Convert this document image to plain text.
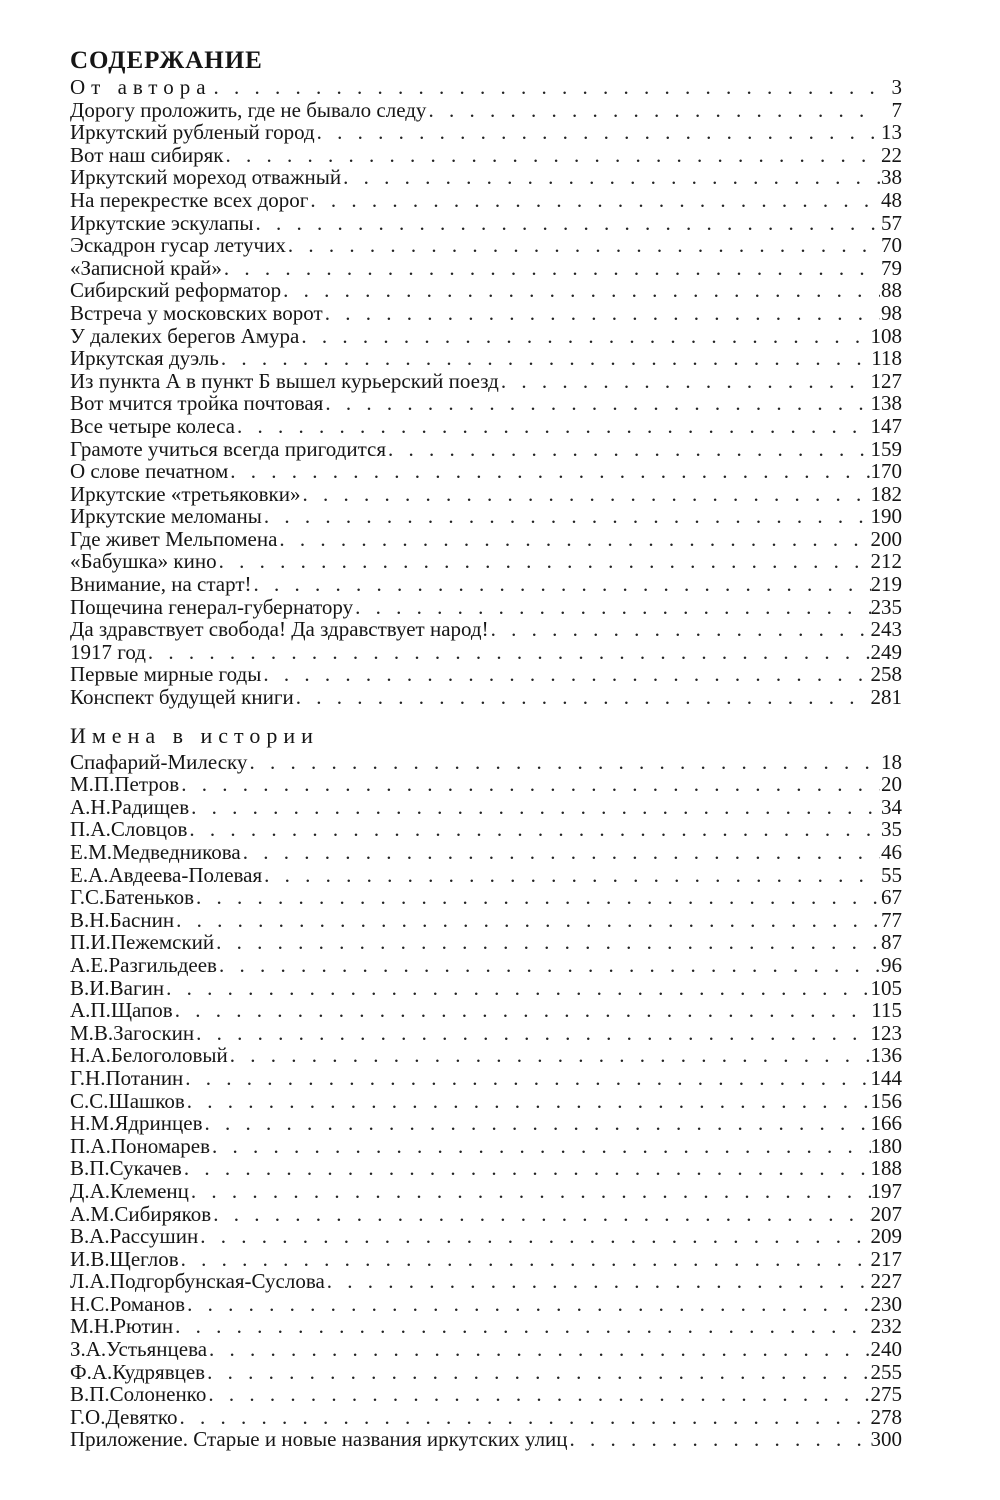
СОДЕРЖАНИЕ
От автора . . .	3
Дорогу проложить, где не бывало следу . . .	7
Иркутский рубленый город . . .	13
Вот наш сибиряк . . .	22
Иркутский мореход отважный . . .	38
На перекрестке всех дорог . . .	48
Иркутские эскулапы . . .	57
Эскадрон гусар летучих . . .	70
«Записной край» . . .	79
Сибирский реформатор . . .	88
Встреча у московских ворот . . .	98
У далеких берегов Амура . . .	108
Иркутская дуэль . . .	118
Из пункта А в пункт Б вышел курьерский поезд . . .	127
Вот мчится тройка почтовая . . .	138
Все четыре колеса . . .	147
Грамоте учиться всегда пригодится . . .	159
О слове печатном . . .	170
Иркутские «третьяковки» . . .	182
Иркутские меломаны . . .	190
Где живет Мельпомена . . .	200
«Бабушка» кино . . .	212
Внимание, на старт! . . .	219
Пощечина генерал-губернатору . . .	235
Да здравствует свобода! Да здравствует народ! . . .	243
1917 год . . .	249
Первые мирные годы . . .	258
Конспект будущей книги . . .	281
Имена в истории
Спафарий-Милеску . . .	18
М.П.Петров . . .	20
А.Н.Радищев . . .	34
П.А.Словцов . . .	35
Е.М.Медведникова . . .	46
Е.А.Авдеева-Полевая . . .	55
Г.С.Батеньков . . .	67
В.Н.Баснин . . .	77
П.И.Пежемский . . .	87
А.Е.Разгильдеев . . .	96
В.И.Вагин . . .	105
А.П.Щапов . . .	115
М.В.Загоскин . . .	123
Н.А.Белоголовый . . .	136
Г.Н.Потанин . . .	144
С.С.Шашков . . .	156
Н.М.Ядринцев . . .	166
П.А.Пономарев . . .	180
В.П.Сукачев . . .	188
Д.А.Клеменц . . .	197
А.М.Сибиряков . . .	207
В.А.Рассушин . . .	209
И.В.Щеглов . . .	217
Л.А.Подгорбунская-Суслова . . .	227
Н.С.Романов . . .	230
М.Н.Рютин . . .	232
З.А.Устьянцева . . .	240
Ф.А.Кудрявцев . . .	255
В.П.Солоненко . . .	275
Г.О.Девятко . . .	278
Приложение. Старые и новые названия иркутских улиц . . .	300
